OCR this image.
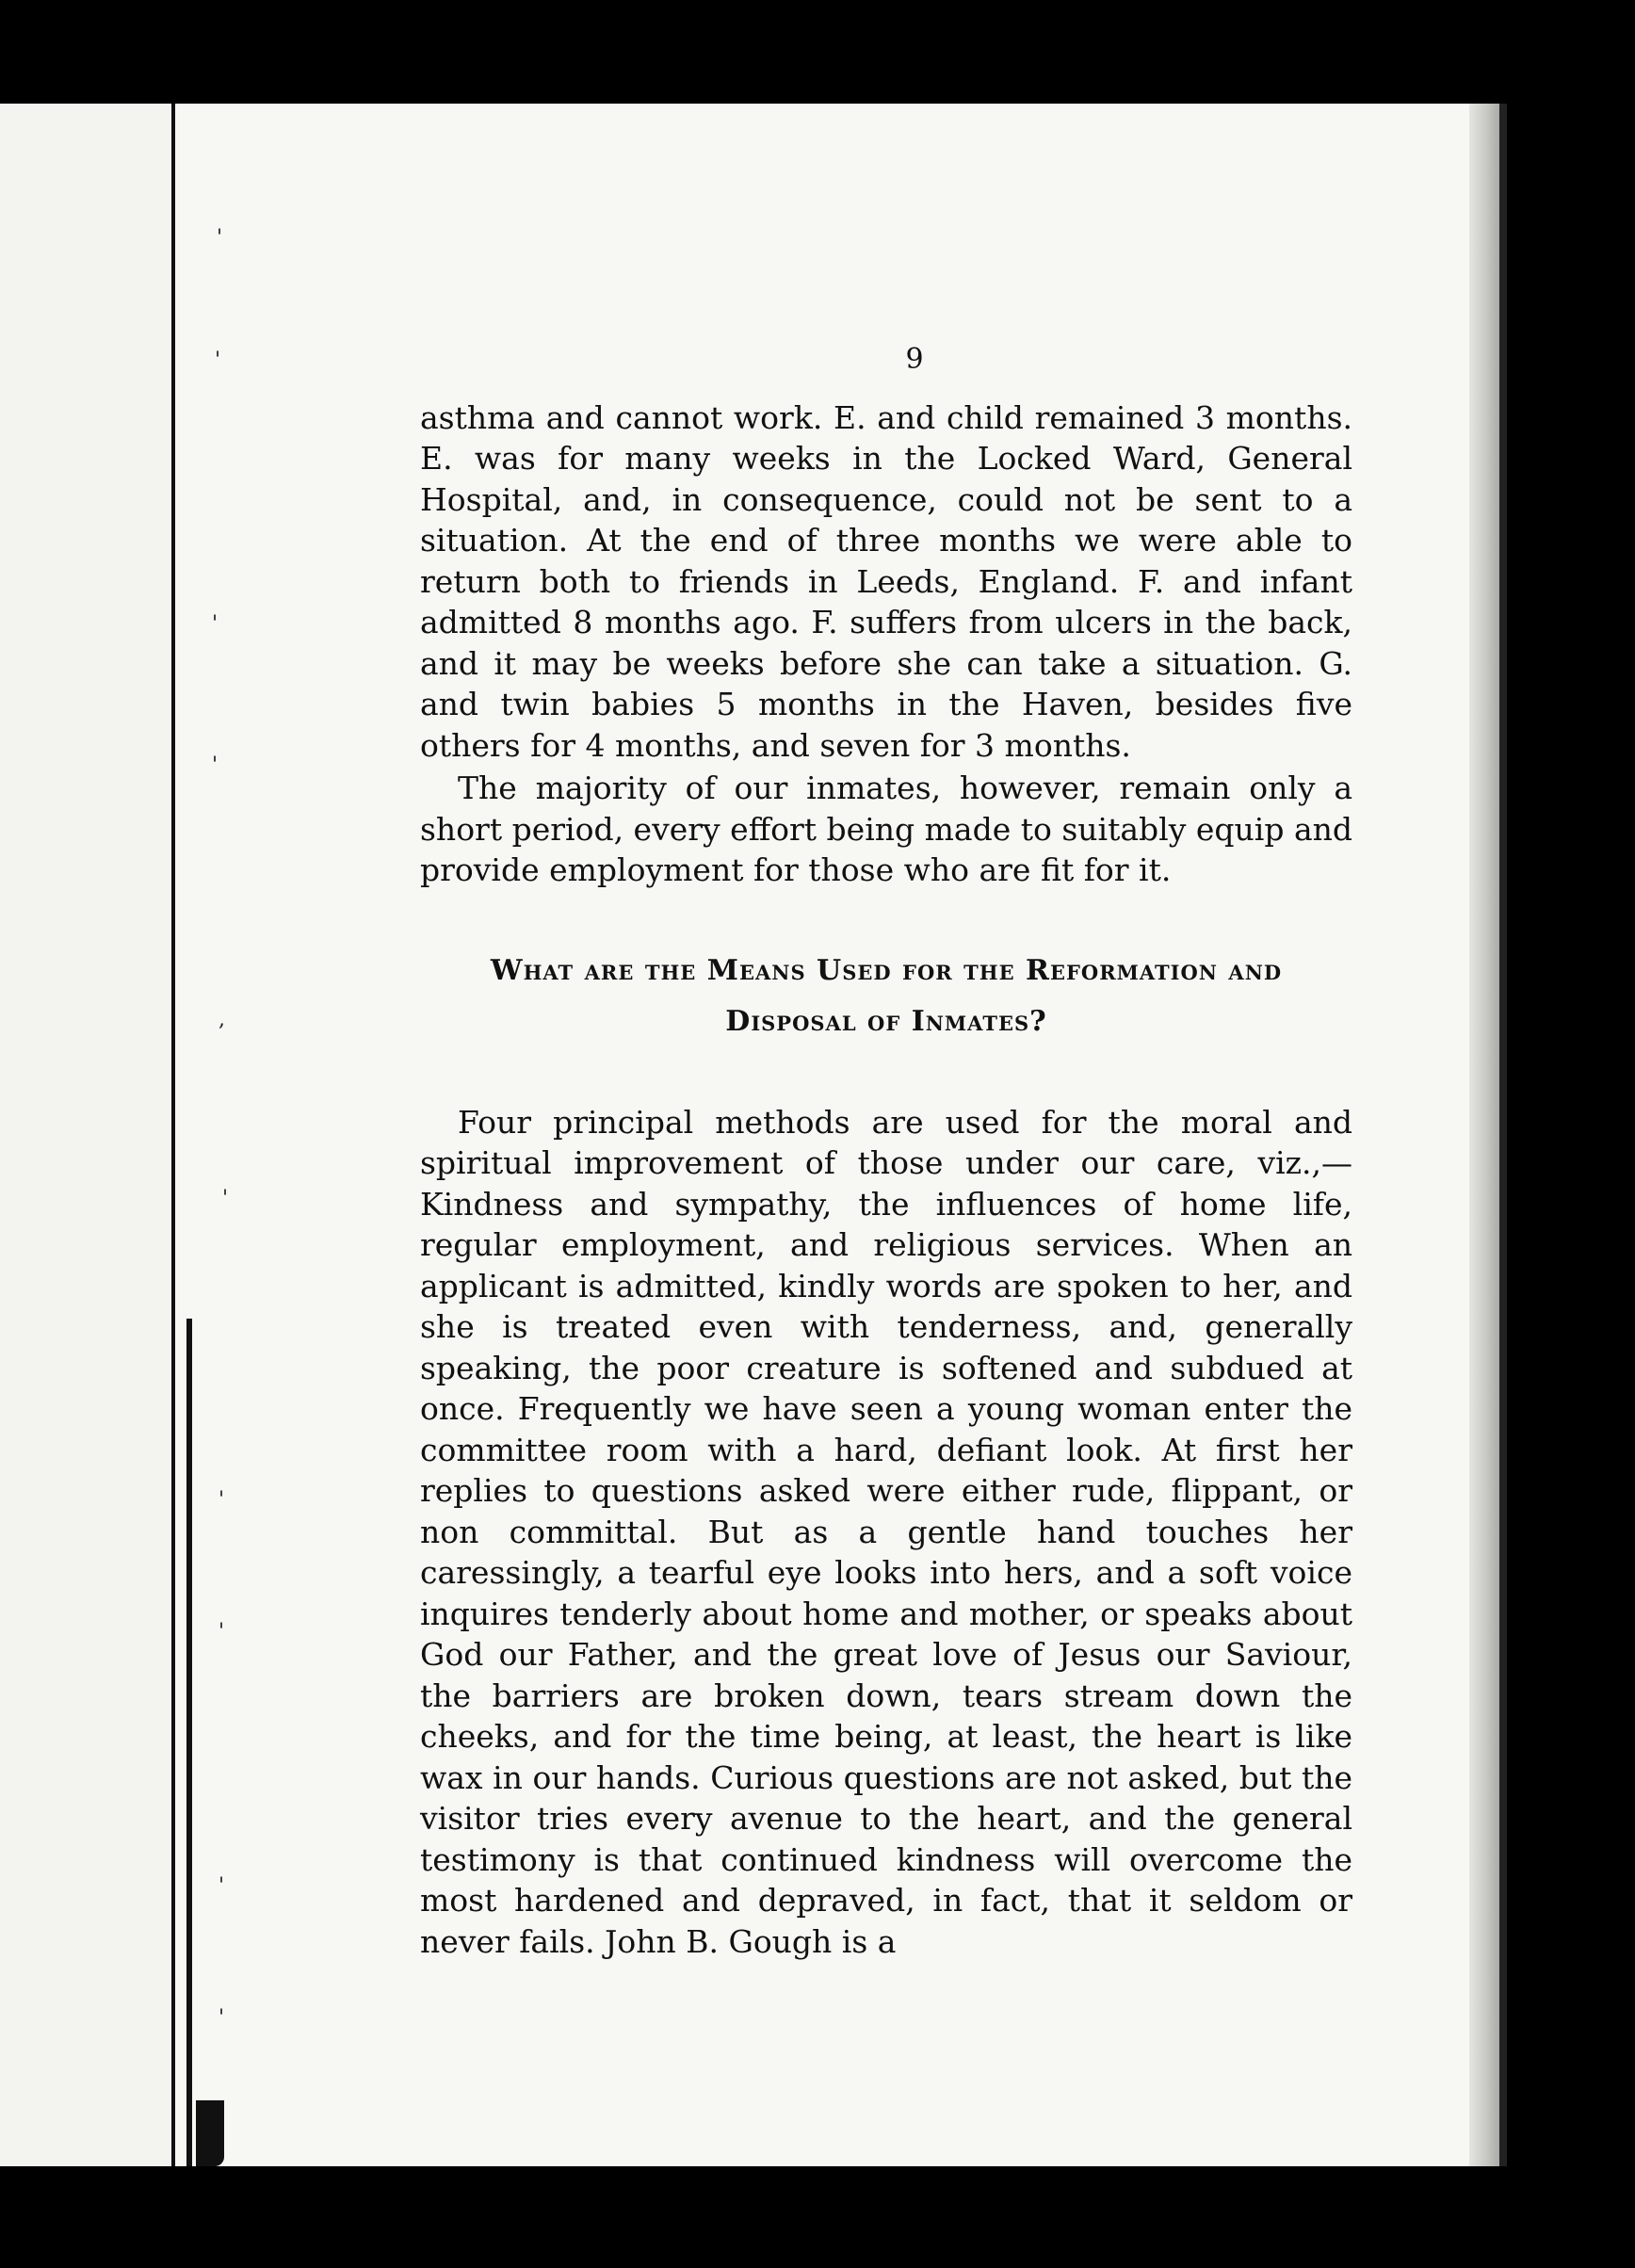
'
'
'
'
,
'
'
'
'
'
9

asthma and cannot work. E. and child remained 3 months. E. was for many weeks in the Locked Ward, General Hospital, and, in consequence, could not be sent to a situation. At the end of three months we were able to return both to friends in Leeds, England. F. and infant admitted 8 months ago. F. suffers from ulcers in the back, and it may be weeks before she can take a situation. G. and twin babies 5 months in the Haven, besides five others for 4 months, and seven for 3 months.

The majority of our inmates, however, remain only a short period, every effort being made to suitably equip and provide employment for those who are fit for it.

What are the Means Used for the Reformation and
Disposal of Inmates?

Four principal methods are used for the moral and spiritual improvement of those under our care, viz.,—Kindness and sympathy, the influences of home life, regular employment, and religious services. When an applicant is admitted, kindly words are spoken to her, and she is treated even with tenderness, and, generally speaking, the poor creature is softened and subdued at once. Frequently we have seen a young woman enter the committee room with a hard, defiant look. At first her replies to questions asked were either rude, flippant, or non committal. But as a gentle hand touches her caressingly, a tearful eye looks into hers, and a soft voice inquires tenderly about home and mother, or speaks about God our Father, and the great love of Jesus our Saviour, the barriers are broken down, tears stream down the cheeks, and for the time being, at least, the heart is like wax in our hands. Curious questions are not asked, but the visitor tries every avenue to the heart, and the general testimony is that continued kindness will overcome the most hardened and depraved, in fact, that it seldom or never fails. John B. Gough is a
